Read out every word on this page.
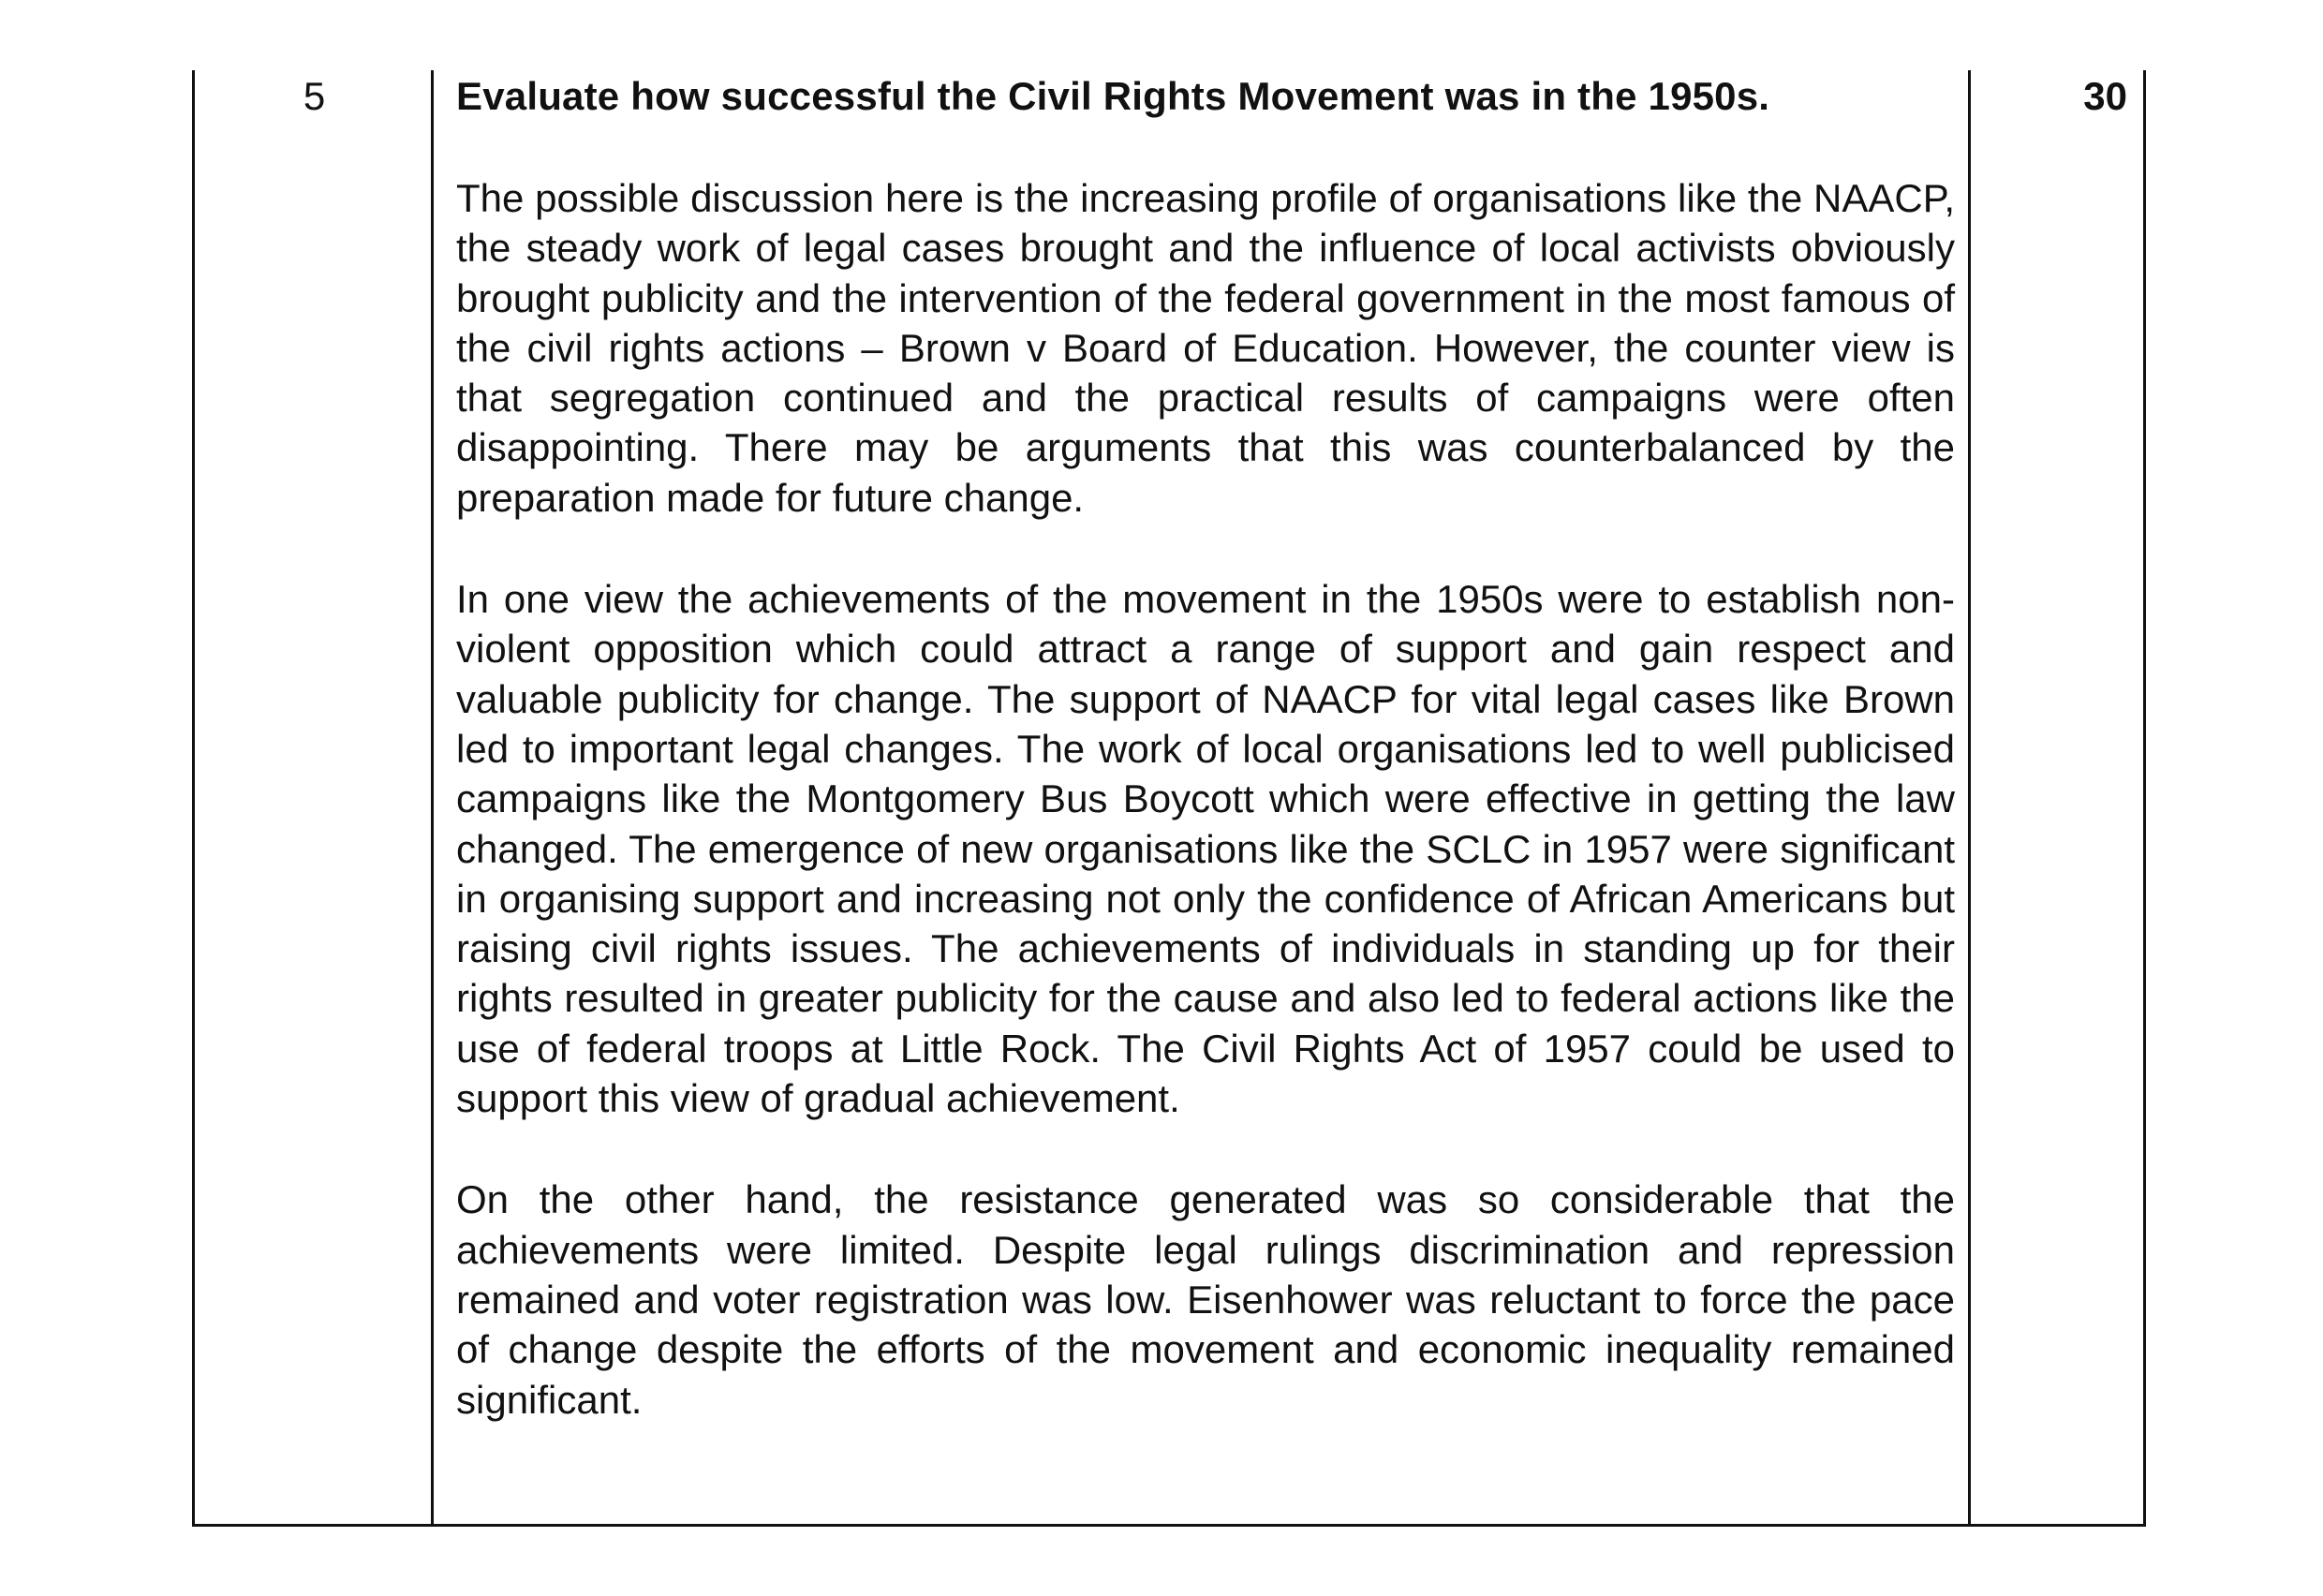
5	Evaluate how successful the Civil Rights Movement was in the 1950s.

The possible discussion here is the increasing profile of organisations like the NAACP, the steady work of legal cases brought and the influence of local activists obviously brought publicity and the intervention of the federal government in the most famous of the civil rights actions – Brown v Board of Education. However, the counter view is that segregation continued and the practical results of campaigns were often disappointing. There may be arguments that this was counterbalanced by the preparation made for future change.

In one view the achievements of the movement in the 1950s were to establish non-violent opposition which could attract a range of support and gain respect and valuable publicity for change. The support of NAACP for vital legal cases like Brown led to important legal changes. The work of local organisations led to well publicised campaigns like the Montgomery Bus Boycott which were effective in getting the law changed. The emergence of new organisations like the SCLC in 1957 were significant in organising support and increasing not only the confidence of African Americans but raising civil rights issues. The achievements of individuals in standing up for their rights resulted in greater publicity for the cause and also led to federal actions like the use of federal troops at Little Rock. The Civil Rights Act of 1957 could be used to support this view of gradual achievement.

On the other hand, the resistance generated was so considerable that the achievements were limited. Despite legal rulings discrimination and repression remained and voter registration was low. Eisenhower was reluctant to force the pace of change despite the efforts of the movement and economic inequality remained significant.

30
